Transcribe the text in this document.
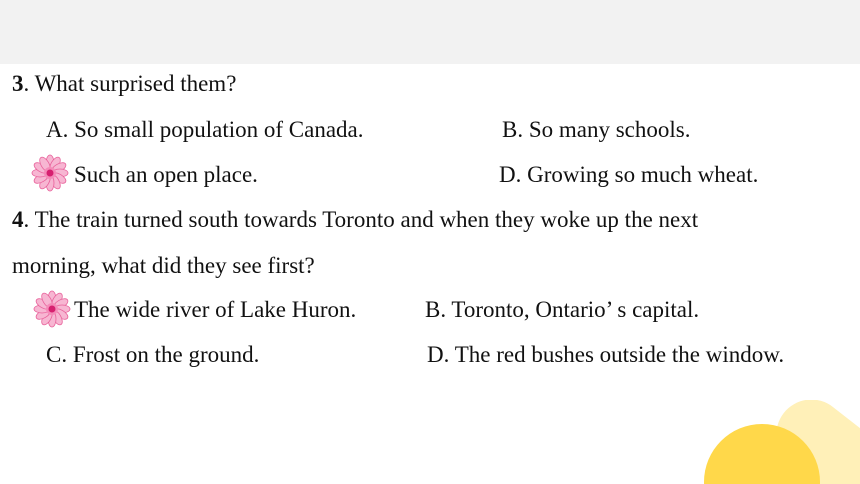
3. What surprised them?
A. So small population of Canada.	B. So many schools.
Such an open place.	D. Growing so much wheat.
4. The train turned south towards Toronto and when they woke up the next
morning, what did they see first?
The wide river of Lake Huron.	B. Toronto, Ontario’ s capital.
C. Frost on the ground.	D. The red bushes outside the window.
